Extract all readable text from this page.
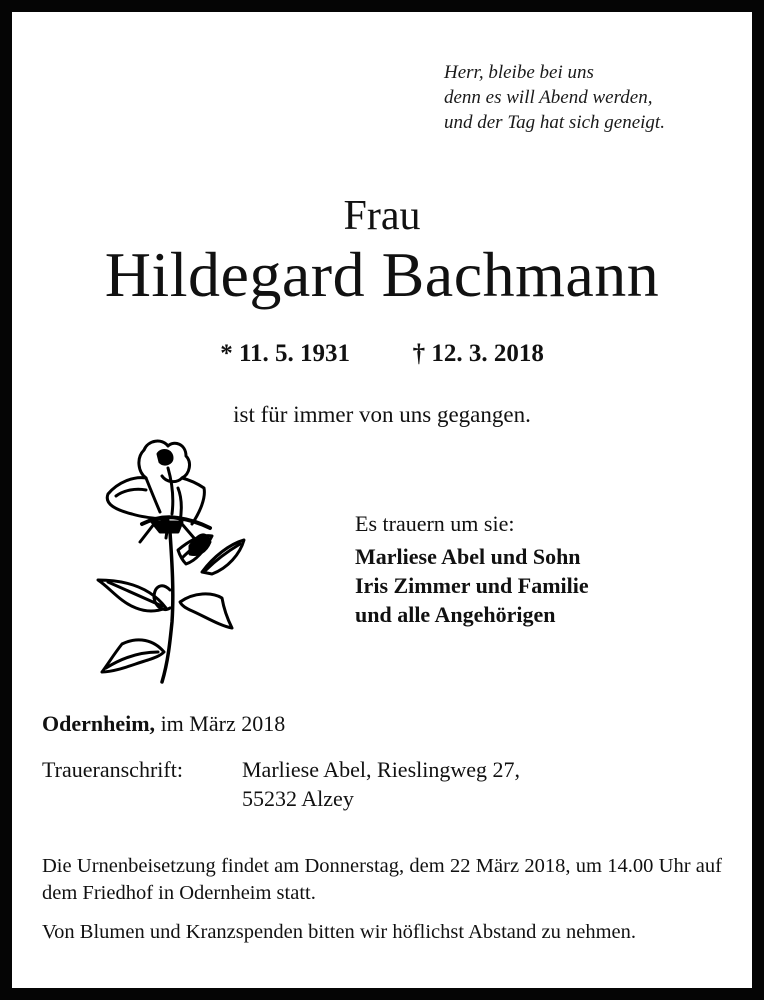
Herr, bleibe bei uns
denn es will Abend werden,
und der Tag hat sich geneigt.
Frau
Hildegard Bachmann
* 11. 5. 1931	† 12. 3. 2018
ist für immer von uns gegangen.
Es trauern um sie:
Marliese Abel und Sohn
Iris Zimmer und Familie
und alle Angehörigen
Odernheim, im März 2018
Traueranschrift:	Marliese Abel, Rieslingweg 27,
55232 Alzey
Die Urnenbeisetzung findet am Donnerstag, dem 22 März 2018, um 14.00 Uhr auf dem Friedhof in Odernheim statt.
Von Blumen und Kranzspenden bitten wir höflichst Abstand zu nehmen.
